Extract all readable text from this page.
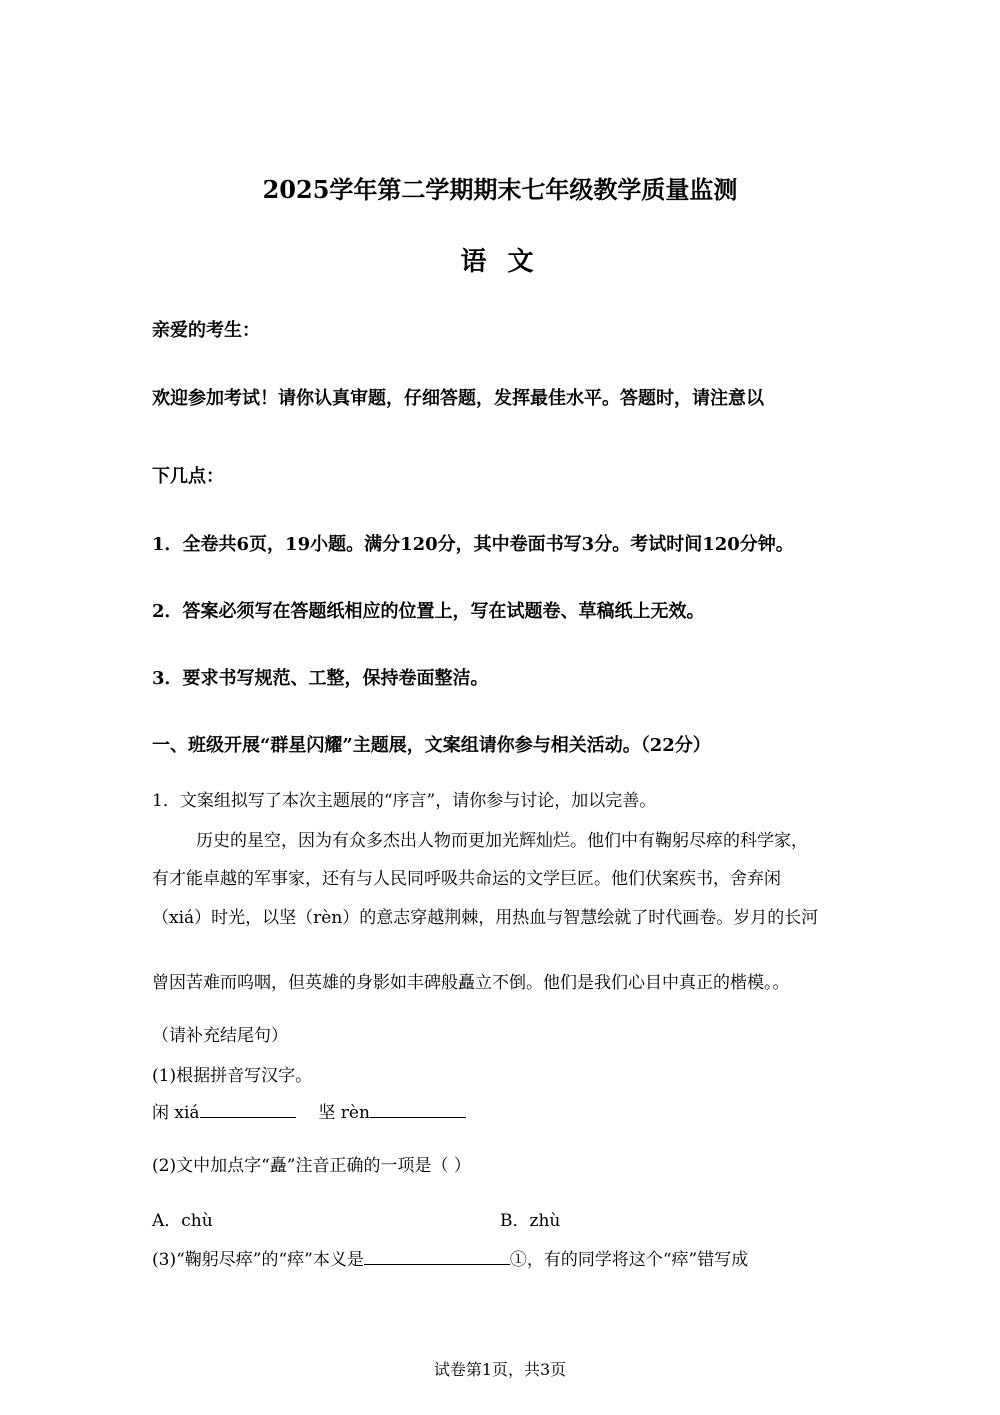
2025学年第二学期期末七年级教学质量监测
语 文
亲爱的考生：
欢迎参加考试！请你认真审题，仔细答题，发挥最佳水平。答题时，请注意以
下几点：
1．全卷共6页，19小题。满分120分，其中卷面书写3分。考试时间120分钟。
2．答案必须写在答题纸相应的位置上，写在试题卷、草稿纸上无效。
3．要求书写规范、工整，保持卷面整洁。
一、班级开展“群星闪耀”主题展，文案组请你参与相关活动。（22分）
1．文案组拟写了本次主题展的“序言”，请你参与讨论，加以完善。
历史的星空，因为有众多杰出人物而更加光辉灿烂。他们中有鞠躬尽瘁的科学家，
有才能卓越的军事家，还有与人民同呼吸共命运的文学巨匠。他们伏案疾书，舍弃闲
（xiá）时光，以坚（rèn）的意志穿越荆棘，用热血与智慧绘就了时代画卷。岁月的长河
曾因苦难而呜咽，但英雄的身影如丰碑般矗立不倒。他们是我们心目中真正的楷模。。
（请补充结尾句）
(1)根据拼音写汉字。
闲 xiá	坚 rèn
(2)文中加点字“矗”注音正确的一项是（ ）
A．chù	B．zhù
(3)“鞠躬尽瘁”的“瘁”本义是	①，有的同学将这个“瘁”错写成
试卷第1页，共3页
